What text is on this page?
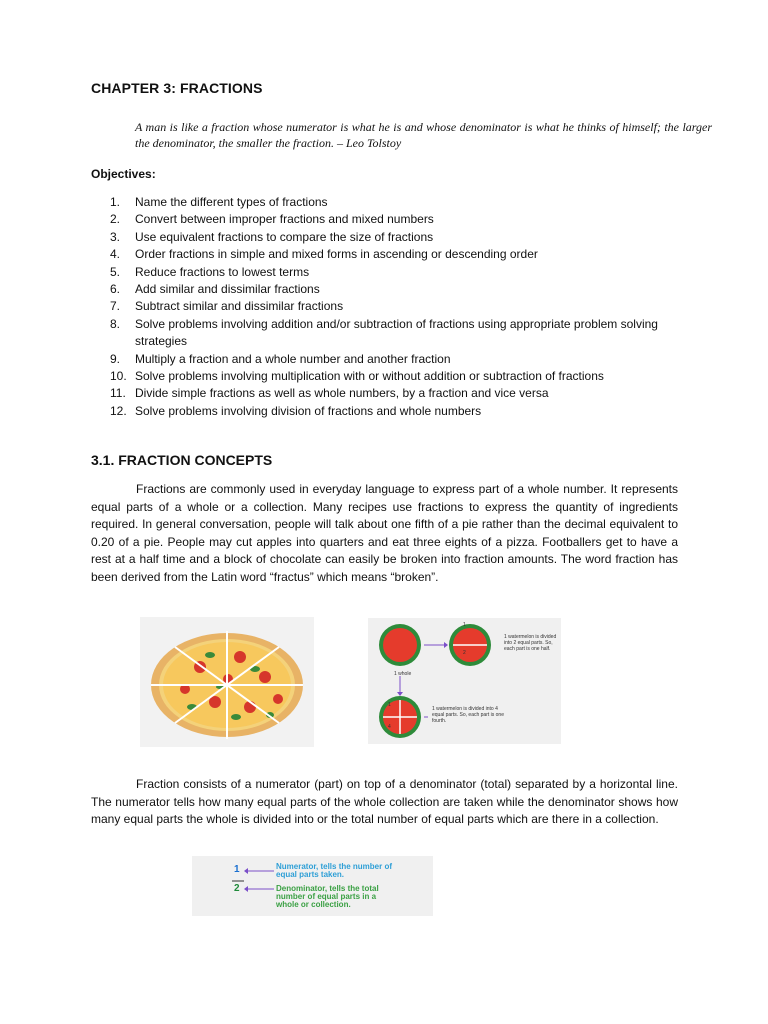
CHAPTER 3: FRACTIONS

A man is like a fraction whose numerator is what he is and whose denominator is what he thinks of himself; the larger the denominator, the smaller the fraction. – Leo Tolstoy

Objectives:
1. Name the different types of fractions
2. Convert between improper fractions and mixed numbers
3. Use equivalent fractions to compare the size of fractions
4. Order fractions in simple and mixed forms in ascending or descending order
5. Reduce fractions to lowest terms
6. Add similar and dissimilar fractions
7. Subtract similar and dissimilar fractions
8. Solve problems involving addition and/or subtraction of fractions using appropriate problem solving strategies
9. Multiply a fraction and a whole number and another fraction
10. Solve problems involving multiplication with or without addition or subtraction of fractions
11. Divide simple fractions as well as whole numbers, by a fraction and vice versa
12. Solve problems involving division of fractions and whole numbers
3.1. FRACTION CONCEPTS

Fractions are commonly used in everyday language to express part of a whole number. It represents equal parts of a whole or a collection. Many recipes use fractions to express the quantity of ingredients required. In general conversation, people will talk about one fifth of a pie rather than the decimal equivalent to 0.20 of a pie. People may cut apples into quarters and eat three eights of a pizza. Footballers get to have a rest at a half time and a block of chocolate can easily be broken into fraction amounts. The word fraction has been derived from the Latin word “fractus” which means “broken”.

1
2
1
4
1 watermelon is divided into 2 equal parts. So, each part is one half.
1 whole
1 watermelon is divided into 4 equal parts. So, each part is one fourth.

Fraction consists of a numerator (part) on top of a denominator (total) separated by a horizontal line. The numerator tells how many equal parts of the whole collection are taken while the denominator shows how many equal parts the whole is divided into or the total number of equal parts which are there in a collection.

1
2
Numerator, tells the number of equal parts taken.
Denominator, tells the total number of equal parts in a whole or collection.
